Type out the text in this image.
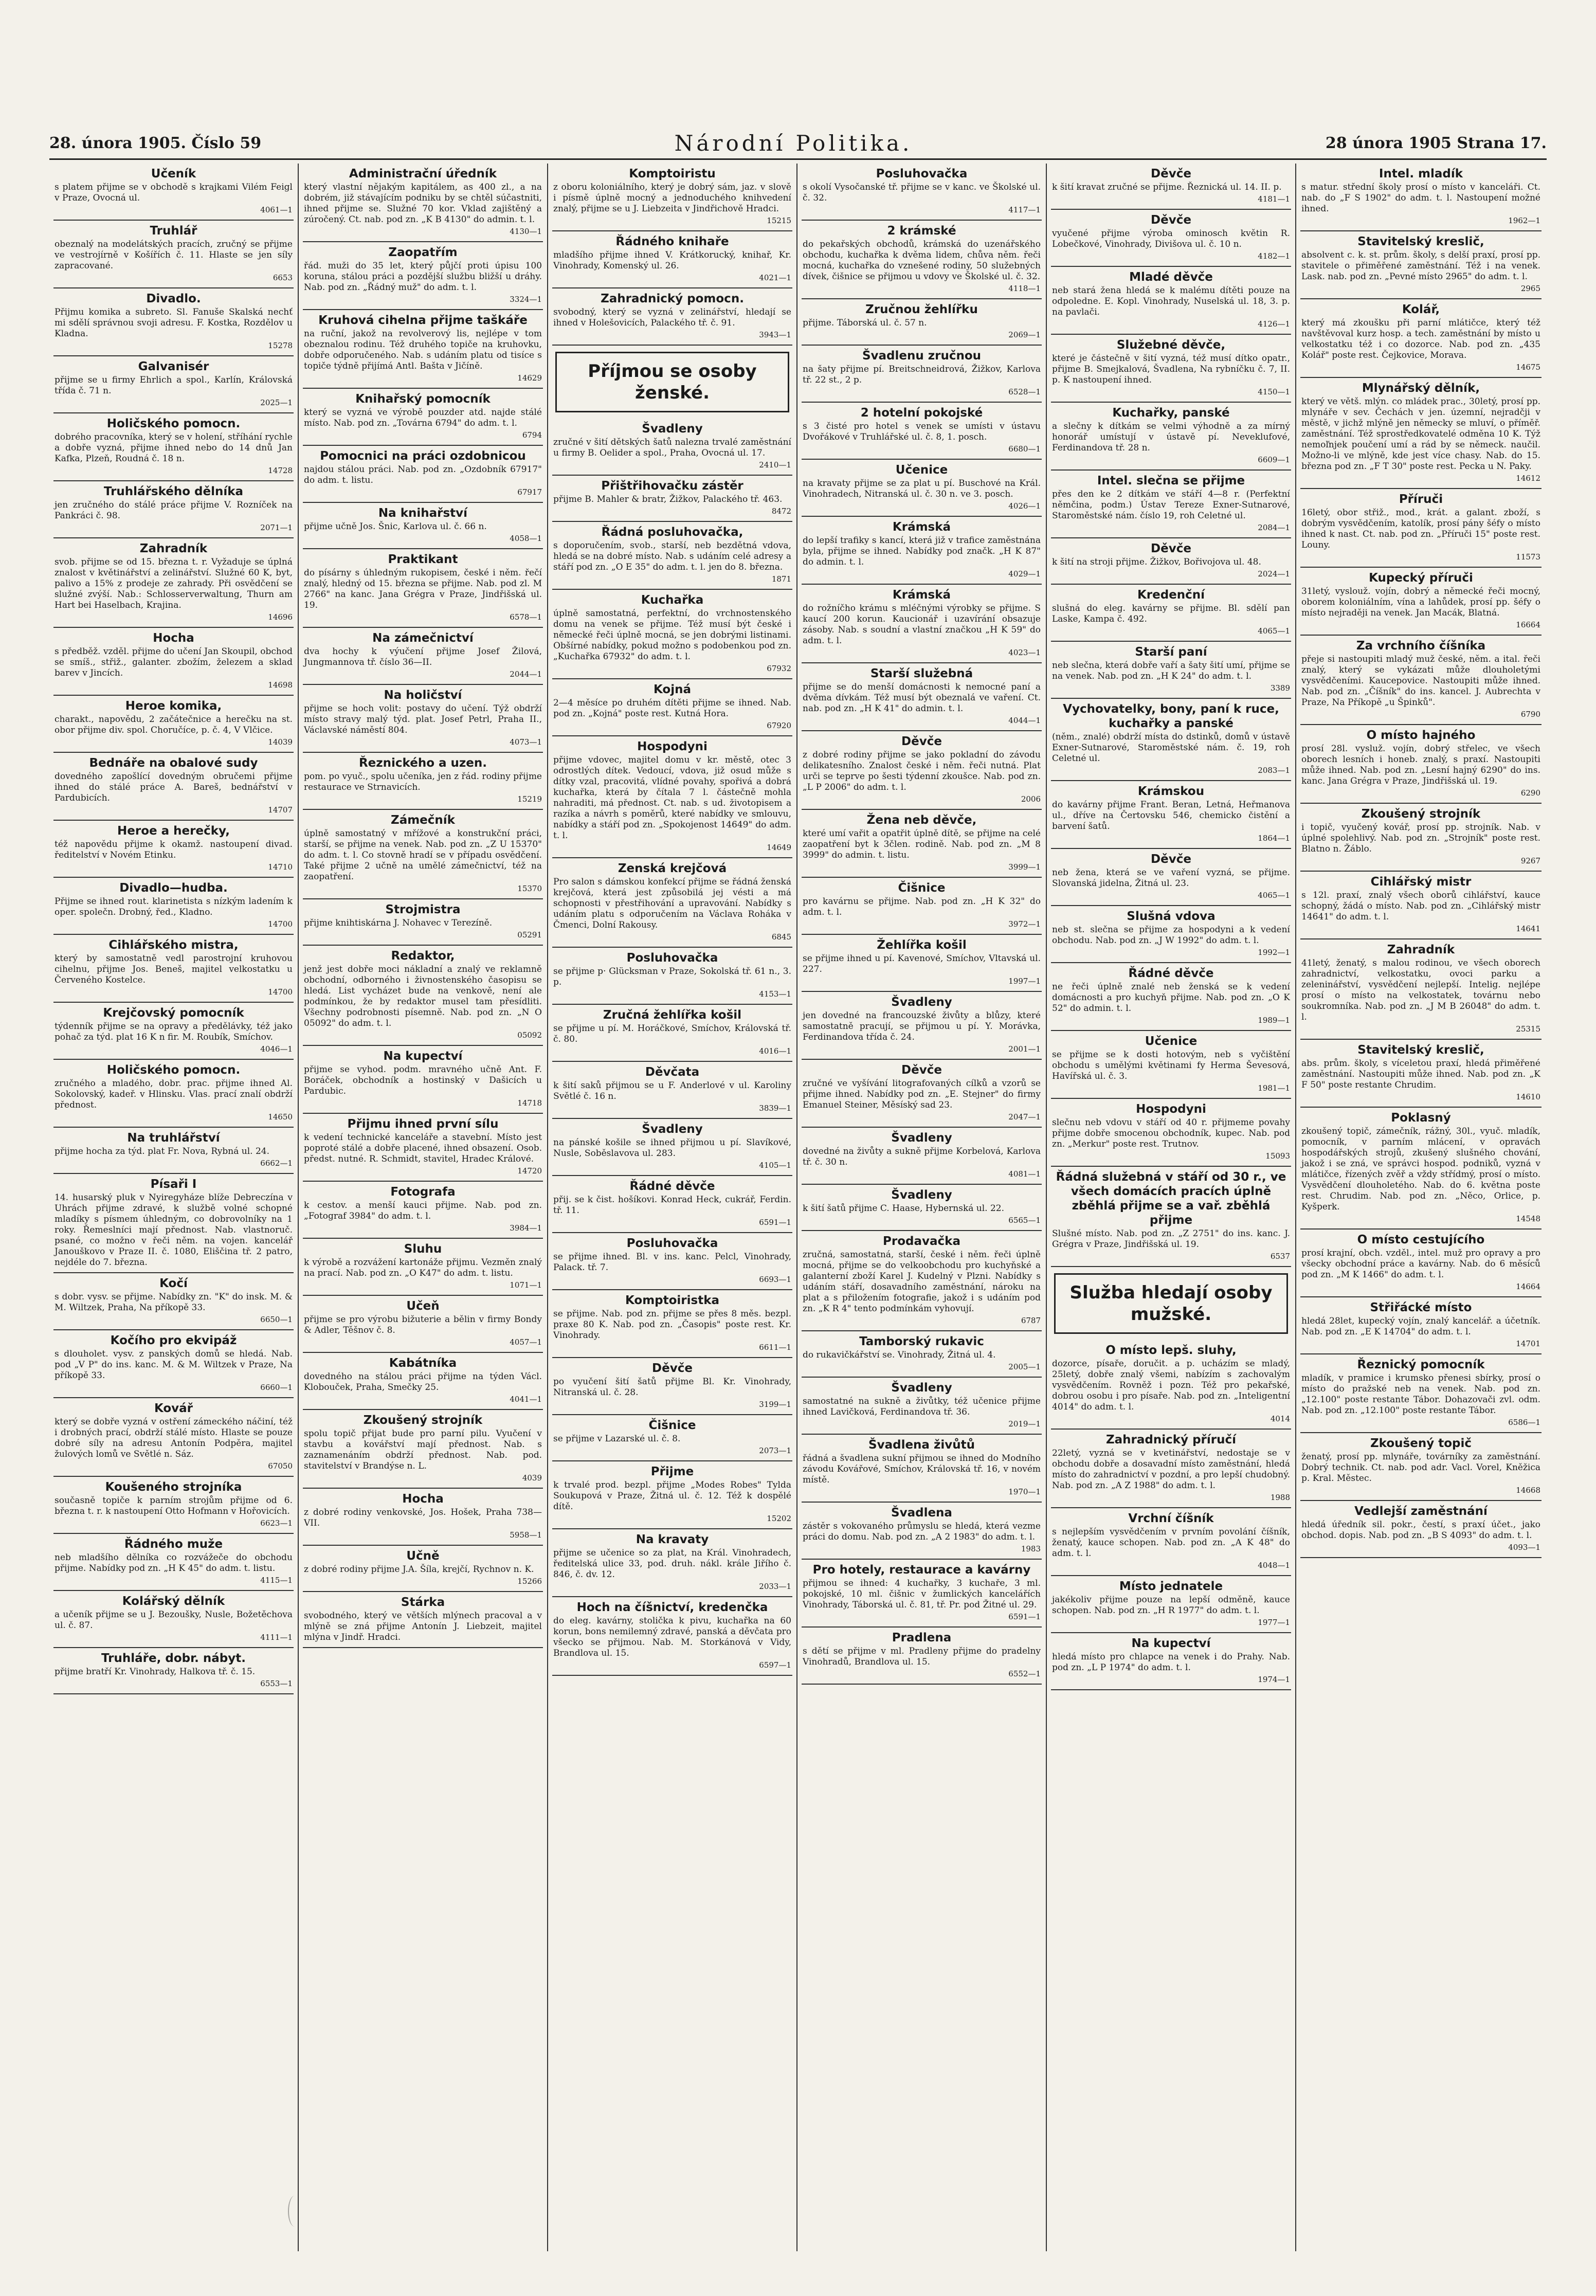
28. února 1905. Číslo 59	Národní Politika.	28 února 1905 Strana 17.
Učeník
s platem přijme se v obchodě s krajkami Vilém Feigl v Praze, Ovocná ul.
4061—1
Truhlář
obeznalý na modelátských pracích, zručný se přijme ve vestrojírně v Košířích č. 11. Hlaste se jen síly zapracované.
6653
Divadlo.
Přijmu komika a subreto. Sl. Fanuše Skalská nechť mi sdělí správnou svoji adresu. F. Kostka, Rozdělov u Kladna.
15278
Galvanisér
přijme se u firmy Ehrlich a spol., Karlín, Královská třída č. 71 n.
2025—1
Holičského pomocn.
dobrého pracovníka, který se v holení, stříhání rychle a dobře vyzná, přijme ihned nebo do 14 dnů Jan Kafka, Plzeň, Roudná č. 18 n.
14728
Truhlářského dělníka
jen zručného do stálé práce přijme V. Rozníček na Pankráci č. 98.
2071—1
Zahradník
svob. přijme se od 15. března t. r. Vyžaduje se úplná znalost v květinářství a zelinářství. Služné 60 K, byt, palivo a 15% z prodeje ze zahrady. Při osvědčení se služné zvýší. Nab.: Schlosserverwaltung, Thurn am Hart bei Haselbach, Krajina.
14696
Hocha
s předběž. vzděl. přijme do učení Jan Skoupil, obchod se smíš., střiž., galanter. zbožím, železem a sklad barev v Jincích.
14698
Heroe komika,
charakt., napovědu, 2 začátečnice a herečku na st. obor přijme div. spol. Choručíce, p. č. 4, V Vlčice.
14039
Bednáře na obalové sudy
dovedného zapošlící dovedným obručemi přijme ihned do stálé práce A. Bareš, bednářství v Pardubicích.
14707
Heroe a herečky,
též napovědu přijme k okamž. nastoupení divad. ředitelství v Novém Etinku.
14710
Divadlo—hudba.
Přijme se ihned rout. klarinetista s nízkým ladením k oper. společn. Drobný, řed., Kladno.
14700
Cihlářského mistra,
který by samostatně vedl parostrojní kruhovou cihelnu, přijme Jos. Beneš, majitel velkostatku u Červeného Kostelce.
14700
Krejčovský pomocník
týdenník přijme se na opravy a předělávky, též jako pohač za týd. plat 16 K n fir. M. Roubík, Smíchov.
4046—1
Holičského pomocn.
zručného a mladého, dobr. prac. přijme ihned Al. Sokolovský, kadeř. v Hlinsku. Vlas. prací znalí obdrží přednost.
14650
Na truhlářství
přijme hocha za týd. plat Fr. Nova, Rybná ul. 24.
6662—1
Písaři I
14. husarský pluk v Nyiregyháze blíže Debreczína v Uhrách přijme zdravé, k službě volné schopné mladíky s písmem úhledným, co dobrovolníky na 1 roky. Řemeslníci mají přednost. Nab. vlastnoruč. psané, co možno v řeči něm. na vojen. kancelář Janouškovo v Praze II. č. 1080, Eliščina tř. 2 patro, nejdéle do 7. března.
Kočí
s dobr. vysv. se přijme. Nabídky zn. "K" do insk. M. & M. Wiltzek, Praha, Na příkopě 33.
6650—1
Kočího pro ekvipáž
s dlouholet. vysv. z panských domů se hledá. Nab. pod „V P" do ins. kanc. M. & M. Wiltzek v Praze, Na příkopě 33.
6660—1
Kovář
který se dobře vyzná v ostření zámeckého náčiní, též i drobných prací, obdrží stálé místo. Hlaste se pouze dobré síly na adresu Antonín Podpěra, majitel žulových lomů ve Světlé n. Sáz.
67050
Koušeného strojníka
současně topiče k parním strojům přijme od 6. března t. r. k nastoupení Otto Hofmann v Hořovicích.
6623—1
Řádného muže
neb mladšího dělníka co rozvážeče do obchodu přijme. Nabídky pod zn. „H K 45" do adm. t. listu.
4115—1
Kolářský dělník
a učeník přijme se u J. Bezoušky, Nusle, Božetěchova ul. č. 87.
4111—1
Truhláře, dobr. nábyt.
přijme bratří Kr. Vinohrady, Halkova tř. č. 15.
6553—1
Administrační úředník
který vlastní nějakým kapitálem, as 400 zl., a na dobrém, již stávajícím podniku by se chtěl súčastniti, ihned přijme se. Služné 70 kor. Vklad zajištěný a zúročený. Ct. nab. pod zn. „K B 4130" do admin. t. l.
4130—1
Zaopatřím
řád. muži do 35 let, který půjčí proti úpisu 100 koruna, stálou práci a pozdější službu bližší u dráhy. Nab. pod zn. „Řádný muž" do adm. t. l.
3324—1
Kruhová cihelna přijme taškáře
na ruční, jakož na revolverový lis, nejlépe v tom obeznalou rodinu. Též druhého topiče na kruhovku, dobře odporučeného. Nab. s udáním platu od tisíce s topiče týdně přijímá Antl. Bašta v Jičíně.
14629
Knihařský pomocník
který se vyzná ve výrobě pouzder atd. najde stálé místo. Nab. pod zn. „Továrna 6794" do adm. t. l.
6794
Pomocnici na práci ozdobnicou
najdou stálou práci. Nab. pod zn. „Ozdobník 67917" do adm. t. listu.
67917
Na knihařství
přijme učně Jos. Šnic, Karlova ul. č. 66 n.
4058—1
Praktikant
do písárny s úhledným rukopisem, české i něm. řečí znalý, hledný od 15. března se přijme. Nab. pod zl. M 2766" na kanc. Jana Grégra v Praze, Jindřišská ul. 19.
6578—1
Na zámečnictví
dva hochy k výučení přijme Josef Žilová, Jungmannova tř. číslo 36—II.
2044—1
Na holičství
přijme se hoch volit: postavy do učení. Týž obdrží místo stravy malý týd. plat. Josef Petrl, Praha II., Václavské náměstí 804.
4073—1
Řeznického a uzen.
pom. po vyuč., spolu učeníka, jen z řád. rodiny přijme restaurace ve Strnavicích.
15219
Zámečník
úplně samostatný v mřížové a konstrukční práci, starší, se přijme na venek. Nab. pod zn. „Z U 15370" do adm. t. l. Co stovně hradí se v případu osvědčení. Také přijme 2 učně na umělé zámečnictví, též na zaopatření.
15370
Strojmistra
přijme knihtiskárna J. Nohavec v Terezíně.
05291
Redaktor,
jenž jest dobře moci nákladní a znalý ve reklamně obchodní, odborného i živnostenského časopisu se hledá. List vycházet bude na venkově, není ale podmínkou, že by redaktor musel tam přesídliti. Všechny podrobnosti písemně. Nab. pod zn. „N O 05092" do adm. t. l.
05092
Na kupectví
přijme se vyhod. podm. mravného učně Ant. F. Boráček, obchodník a hostinský v Dašicích u Pardubic.
14718
Přijmu ihned první sílu
k vedení technické kanceláře a stavební. Místo jest poproté stálé a dobře placené, ihned obsazení. Osob. předst. nutné. R. Schmidt, stavitel, Hradec Králové.
14720
Fotografa
k cestov. a menší kauci přijme. Nab. pod zn. „Fotograf 3984" do adm. t. l.
3984—1
Sluhu
k výrobě a rozvážení kartonáže přijmu. Vezměn znalý na prací. Nab. pod zn. „O K47" do adm. t. listu.
1071—1
Učeň
přijme se pro výrobu bižuterie a bělin v firmy Bondy & Adler, Těšnov č. 8.
4057—1
Kabátníka
dovedného na stálou práci přijme na týden Václ. Klobouček, Praha, Smečky 25.
4041—1
Zkoušený strojník
spolu topič přijat bude pro parní pilu. Vyučení v stavbu a kovářství mají přednost. Nab. s zaznamenáním obdrží přednost. Nab. pod. stavitelství v Brandýse n. L.
4039
Hocha
z dobré rodiny venkovské, Jos. Hošek, Praha 738—VII.
5958—1
Učně
z dobré rodiny přijme J.A. Šíla, krejčí, Rychnov n. K.
15266
Stárka
svobodného, který ve větších mlýnech pracoval a v mlýně se zná přijme Antonín J. Liebzeit, majitel mlýna v Jindř. Hradci.
Komptoiristu
z oboru koloniálního, který je dobrý sám, jaz. v slově i písmě úplně mocný a jednoduchého knihvedení znalý, přijme se u J. Liebzeita v Jindřichově Hradci.
15215
Řádného knihaře
mladšího přijme ihned V. Krátkorucký, knihař, Kr. Vinohrady, Komenský ul. 26.
4021—1
Zahradnický pomocn.
svobodný, který se vyzná v zelinářství, hledají se ihned v Holešovicích, Palackého tř. č. 91.
3943—1
Příjmou se osoby ženské.
Švadleny
zručné v šití dětských šatů nalezna trvalé zaměstnání u firmy B. Oelider a spol., Praha, Ovocná ul. 17.
2410—1
Přištřihovačku zástěr
přijme B. Mahler & bratr, Žižkov, Palackého tř. 463.
8472
Řádná posluhovačka,
s doporučením, svob., starší, neb bezdětná vdova, hledá se na dobré místo. Nab. s udáním celé adresy a stáří pod zn. „O E 35" do adm. t. l. jen do 8. března.
1871
Kuchařka
úplně samostatná, perfektní, do vrchnostenského domu na venek se přijme. Též musí být české i německé řeči úplně mocná, se jen dobrými listinami. Obšírné nabídky, pokud možno s podobenkou pod zn. „Kuchařka 67932" do adm. t. l.
67932
Kojná
2—4 měsíce po druhém dítěti přijme se ihned. Nab. pod zn. „Kojná" poste rest. Kutná Hora.
67920
Hospodyni
přijme vdovec, majitel domu v kr. městě, otec 3 odrostlých dítek. Vedoucí, vdova, již osud může s dítky vzal, pracovitá, vlídné povahy, spořivá a dobrá kuchařka, která by čítala 7 l. částečně mohla nahraditi, má přednost. Ct. nab. s ud. životopisem a razíka a návrh s poměrů, které nabídky ve smlouvu, nabídky a stáří pod zn. „Spokojenost 14649" do adm. t. l.
14649
Zenská krejčová
Pro salon s dámskou konfekcí přijme se řádná ženská krejčová, která jest způsobilá jej vésti a má schopnosti v přestřihování a upravování. Nabídky s udáním platu s odporučením na Václava Roháka v Čmenci, Dolní Rakousy.
6845
Posluhovačka
se přijme p· Glücksman v Praze, Sokolská tř. 61 n., 3. p.
4153—1
Zručná žehlířka košil
se přijme u pí. M. Horáčkové, Smíchov, Královská tř. č. 80.
4016—1
Děvčata
k šití saků přijmou se u F. Anderlové v ul. Karoliny Světlé č. 16 n.
3839—1
Švadleny
na pánské košile se ihned přijmou u pí. Slavíkové, Nusle, Soběslavova ul. 283.
4105—1
Řádné děvče
přij. se k čist. hošíkovi. Konrad Heck, cukrář, Ferdin. tř. 11.
6591—1
Posluhovačka
se přijme ihned. Bl. v ins. kanc. Pelcl, Vinohrady, Palack. tř. 7.
6693—1
Komptoiristka
se přijme. Nab. pod zn. přijme se přes 8 měs. bezpl. praxe 80 K. Nab. pod zn. „Časopis" poste rest. Kr. Vinohrady.
6611—1
Děvče
po vyučení šití šatů přijme Bl. Kr. Vinohrady, Nitranská ul. č. 28.
3199—1
Čišnice
se přijme v Lazarské ul. č. 8.
2073—1
Přijme
k trvalé prod. bezpl. přijme „Modes Robes" Tylda Soukupová v Praze, Žitná ul. č. 12. Též k dospělé dítě.
15202
Na kravaty
přijme se učenice so za plat, na Král. Vinohradech, ředitelská ulice 33, pod. druh. nákl. krále Jiřího č. 846, č. dv. 12.
2033—1
Hoch na číšnictví, kredenčka
do eleg. kavárny, stolička k pivu, kuchařka na 60 korun, bons nemilemný zdravé, panská a děvčata pro všecko se přijmou. Nab. M. Storkánová v Vidy, Brandlova ul. 15.
6597—1
Posluhovačka
s okolí Vysočanské tř. přijme se v kanc. ve Školské ul. č. 32.
4117—1
2 krámské
do pekařských obchodů, krámská do uzenářského obchodu, kuchařka k dvěma lidem, chůva něm. řeči mocná, kuchařka do vznešené rodiny, 50 služebných dívek, čišnice se přijmou u vdovy ve Školské ul. č. 32.
4118—1
Zručnou žehlířku
přijme. Táborská ul. č. 57 n.
2069—1
Švadlenu zručnou
na šaty přijme pí. Breitschneidrová, Žižkov, Karlova tř. 22 st., 2 p.
6528—1
2 hotelní pokojské
s 3 čisté pro hotel s venek se umísti v ústavu Dvořákové v Truhlářské ul. č. 8, 1. posch.
6680—1
Učenice
na kravaty přijme se za plat u pí. Buschové na Král. Vinohradech, Nitranská ul. č. 30 n. ve 3. posch.
4026—1
Krámská
do lepší trafiky s kancí, která již v trafice zaměstnána byla, přijme se ihned. Nabídky pod značk. „H K 87" do admin. t. l.
4029—1
Krámská
do rožníčho krámu s mléčnými výrobky se přijme. S kaucí 200 korun. Kaucionář i uzavírání obsazuje zásoby. Nab. s soudní a vlastní značkou „H K 59" do adm. t. l.
4023—1
Starší služebná
přijme se do menší domácnosti k nemocné paní a dvěma dívkám. Též musí být obeznalá ve vaření. Ct. nab. pod zn. „H K 41" do admin. t. l.
4044—1
Děvče
z dobré rodiny přijme se jako pokladní do závodu delikatesního. Znalost české i něm. řeči nutná. Plat urči se teprve po šesti týdenní zkoušce. Nab. pod zn. „L P 2006" do adm. t. l.
2006
Žena neb děvče,
které umí vařit a opatřit úplně dítě, se přijme na celé zaopatření byt k 3člen. rodině. Nab. pod zn. „M 8 3999" do admin. t. listu.
3999—1
Čišnice
pro kavárnu se přijme. Nab. pod zn. „H K 32" do adm. t. l.
3972—1
Žehlířka košil
se přijme ihned u pí. Kavenové, Smíchov, Vltavská ul. 227.
1997—1
Švadleny
jen dovedné na francouzské živůty a blůzy, které samostatně pracují, se přijmou u pí. Y. Morávka, Ferdinandova třída č. 24.
2001—1
Děvče
zručné ve vyšívání litografovaných cílků a vzorů se přijme ihned. Nabídky pod zn. „E. Stejner" do firmy Emanuel Steiner, Měsíský sad 23.
2047—1
Švadleny
dovedné na živůty a sukně přijme Korbelová, Karlova tř. č. 30 n.
4081—1
Švadleny
k šití šatů přijme C. Haase, Hybernská ul. 22.
6565—1
Prodavačka
zručná, samostatná, starší, české i něm. řeči úplně mocná, přijme se do velkoobchodu pro kuchyňské a galanterní zboží Karel J. Kudelný v Plzni. Nabídky s udáním stáří, dosavadního zaměstnání, nároku na plat a s přiložením fotografie, jakož i s udáním pod zn. „K R 4" tento podmínkám vyhovují.
6787
Tamborský rukavic
do rukavičkářství se. Vinohrady, Žitná ul. 4.
2005—1
Švadleny
samostatné na sukně a živůtky, též učenice přijme ihned Lavičková, Ferdinandova tř. 36.
2019—1
Švadlena živůtů
řádná a švadlena sukní přijmou se ihned do Modního závodu Kovářové, Smíchov, Královská tř. 16, v novém místě.
1970—1
Švadlena
zástěr s vokovaného průmyslu se hledá, která vezme práci do domu. Nab. pod zn. „A 2 1983" do adm. t. l.
1983
Pro hotely, restaurace a kavárny
přijmou se ihned: 4 kuchařky, 3 kuchaře, 3 ml. pokojské, 10 ml. čišnic v žumlických kancelářích Vinohrady, Táborská ul. č. 81, tř. Pr. pod Žitné ul. 29.
6591—1
Pradlena
s dětí se přijme v ml. Pradleny přijme do pradelny Vinohradů, Brandlova ul. 15.
6552—1
Děvče
k šití kravat zručné se přijme. Řeznická ul. 14. II. p.
4181—1
Děvče
vyučené přijme výroba ominosch květin R. Lobečkové, Vinohrady, Divišova ul. č. 10 n.
4182—1
Mladé děvče
neb stará žena hledá se k malému dítěti pouze na odpoledne. E. Kopl. Vinohrady, Nuselská ul. 18, 3. p. na pavlači.
4126—1
Služebné děvče,
které je částečně v šití vyzná, též musí dítko opatr., přijme B. Smejkalová, Švadlena, Na rybníčku č. 7, II. p. K nastoupení ihned.
4150—1
Kuchařky, panské
a slečny k dítkám se velmi výhodně a za mírný honorář umístují v ústavě pí. Neveklufové, Ferdinandova tř. 28 n.
6609—1
Intel. slečna se přijme
přes den ke 2 dítkám ve stáří 4—8 r. (Perfektní němčina, podm.) Ústav Tereze Exner-Sutnarové, Staroměstské nám. číslo 19, roh Celetné ul.
2084—1
Děvče
k šití na stroji přijme. Žižkov, Bořivojova ul. 48.
2024—1
Kredenční
slušná do eleg. kavárny se přijme. Bl. sdělí pan Laske, Kampa č. 492.
4065—1
Starší paní
neb slečna, která dobře vaří a šaty šití umí, přijme se na venek. Nab. pod zn. „H K 24" do adm. t. l.
3389
Vychovatelky, bony, paní k ruce, kuchařky a panské
(něm., znalé) obdrží místa do dstinků, domů v ústavě Exner-Sutnarové, Staroměstské nám. č. 19, roh Celetné ul.
2083—1
Krámskou
do kavárny přijme Frant. Beran, Letná, Heřmanova ul., dříve na Čertovsku 546, chemicko čistění a barvení šatů.
1864—1
Děvče
neb žena, která se ve vaření vyzná, se přijme. Slovanská jidelna, Žitná ul. 23.
4065—1
Slušná vdova
neb st. slečna se přijme za hospodyni a k vedení obchodu. Nab. pod zn. „J W 1992" do adm. t. l.
1992—1
Řádné děvče
ne řeči úplně znalé neb ženská se k vedení domácnosti a pro kuchyň přijme. Nab. pod zn. „O K 52" do admin. t. l.
1989—1
Učenice
se přijme se k dosti hotovým, neb s vyčištění obchodu s umělými květinami fy Herma Ševesová, Havířská ul. č. 3.
1981—1
Hospodyni
slečnu neb vdovu v stáří od 40 r. přijmeme povahy přijme dobře smocenou obchodník, kupec. Nab. pod zn. „Merkur" poste rest. Trutnov.
15093
Řádná služebná v stáří od 30 r., ve všech domácích pracích úplně zběhlá přijme se a vař. zběhlá přijme
Slušné místo. Nab. pod zn. „Z 2751" do ins. kanc. J. Grégra v Praze, Jindřišská ul. 19.
6537
Služba hledají osoby mužské.
O místo lepš. sluhy,
dozorce, písaře, doručit. a p. ucházím se mladý, 25letý, dobře znalý všemi, nabízím s zachovalým vysvědčením. Rovněž i pozn. Též pro pekařské, dobrou osobu i pro písaře. Nab. pod zn. „Inteligentní 4014" do adm. t. l.
4014
Zahradnický příručí
22letý, vyzná se v kvetinářství, nedostaje se v obchodu dobře a dosavadní místo zaměstnání, hledá místo do zahradnictví v pozdní, a pro lepší chudobný. Nab. pod zn. „A Z 1988" do adm. t. l.
1988
Vrchní číšník
s nejlepším vysvědčením v prvním povolání číšník, ženatý, kauce schopen. Nab. pod zn. „A K 48" do adm. t. l.
4048—1
Místo jednatele
jakékoliv přijme pouze na lepší odměně, kauce schopen. Nab. pod zn. „H R 1977" do adm. t. l.
1977—1
Na kupectví
hledá místo pro chlapce na venek i do Prahy. Nab. pod zn. „L P 1974" do adm. t. l.
1974—1
Intel. mladík
s matur. střední školy prosí o místo v kanceláři. Ct. nab. do „F S 1902" do adm. t. l. Nastoupení možné ihned.
1962—1
Stavitelský kreslič,
absolvent c. k. st. prům. školy, s delší praxí, prosí pp. stavitele o přiměřené zaměstnání. Též i na venek. Lask. nab. pod zn. „Pevné místo 2965" do adm. t. l.
2965
Kolář,
který má zkoušku při parní mlátičce, který též navštěvoval kurz hosp. a tech. zaměstnání by místo u velkostatku též i co dozorce. Nab. pod zn. „435 Kolář" poste rest. Čejkovice, Morava.
14675
Mlynářský dělník,
který ve větš. mlýn. co mládek prac., 30letý, prosí pp. mlynáře v sev. Čechách v jen. územní, nejradčji v městě, v jichž mlýně jen německy se mluví, o příměř. zaměstnání. Též sprostředkovatelé odměna 10 K. Týž nemoľnjek poučení umí a rád by se německ. naučil. Možno-li ve mlýně, kde jest více chasy. Nab. do 15. března pod zn. „F T 30" poste rest. Pecka u N. Paky.
14612
Příruči
16letý, obor střiž., mod., krát. a galant. zboží, s dobrým vysvědčením, katolík, prosí pány šéfy o místo ihned k nast. Ct. nab. pod zn. „Příruči 15" poste rest. Louny.
11573
Kupecký příruči
31letý, vyslouž. vojín, dobrý a německé řeči mocný, oborem koloniálním, vína a lahůdek, prosí pp. šéfy o místo nejraději na venek. Jan Macák, Blatná.
16664
Za vrchního číšníka
přeje si nastoupiti mladý muž české, něm. a ital. řeči znalý, který se vykázati může dlouholetými vysvědčeními. Kaucepovice. Nastoupiti může ihned. Nab. pod zn. „Číšník" do ins. kancel. J. Aubrechta v Praze, Na Příkopě „u Špinků".
6790
O místo hajného
prosí 28l. vysluž. vojín, dobrý střelec, ve všech oborech lesních i honeb. znalý, s praxí. Nastoupiti může ihned. Nab. pod zn. „Lesní hajný 6290" do ins. kanc. Jana Grégra v Praze, Jindřišská ul. 19.
6290
Zkoušený strojník
i topič, vyučený kovář, prosí pp. strojník. Nab. v úplné spolehlivý. Nab. pod zn. „Strojník" poste rest. Blatno n. Žáblo.
9267
Cihlářský mistr
s 12l. praxí, znalý všech oborů cihlářství, kauce schopný, žádá o místo. Nab. pod zn. „Cihlářský mistr 14641" do adm. t. l.
14641
Zahradník
41letý, ženatý, s malou rodinou, ve všech oborech zahradnictví, velkostatku, ovoci parku a zeleninářství, vysvědčení nejlepší. Intelig. nejlépe prosí o místo na velkostatek, továrnu nebo soukromníka. Nab. pod zn. „J M B 26048" do adm. t. l.
25315
Stavitelský kreslič,
abs. prům. školy, s víceletou praxí, hledá přiměřené zaměstnání. Nastoupiti může ihned. Nab. pod zn. „K F 50" poste restante Chrudim.
14610
Poklasný
zkoušený topič, zámečník, rážný, 30l., vyuč. mladík, pomocník, v parním mlácení, v opravách hospodářských strojů, zkušený slušného chování, jakož i se zná, ve správci hospod. podniků, vyzná v mlátičce, řízených zvěř a vždy střídmý, prosí o místo. Vysvědčení dlouholetého. Nab. do 6. května poste rest. Chrudim. Nab. pod zn. „Něco, Orlice, p. Kyšperk.
14548
O místo cestujícího
prosí krajní, obch. vzděl., intel. muž pro opravy a pro všecky obchodní práce a kavárny. Nab. do 6 měsíců pod zn. „M K 1466" do adm. t. l.
14664
Střiřácké místo
hledá 28let, kupecký vojín, znalý kancelář. a účetník. Nab. pod zn. „E K 14704" do adm. t. l.
14701
Řeznický pomocník
mladík, v pramice i krumsko přenesi sbírky, prosí o místo do pražské neb na venek. Nab. pod zn. „12.100" poste restante Tábor. Dohazovači zvl. odm. Nab. pod zn. „12.100" poste restante Tábor.
6586—1
Zkoušený topič
ženatý, prosí pp. mlynáře, továrníky za zaměstnání. Dobrý technik. Ct. nab. pod adr. Vacl. Vorel, Kněžica p. Kral. Městec.
14668
Vedlejší zaměstnání
hledá úředník sil. pokr., čestí, s praxí účet., jako obchod. dopis. Nab. pod zn. „B S 4093" do adm. t. l.
4093—1
